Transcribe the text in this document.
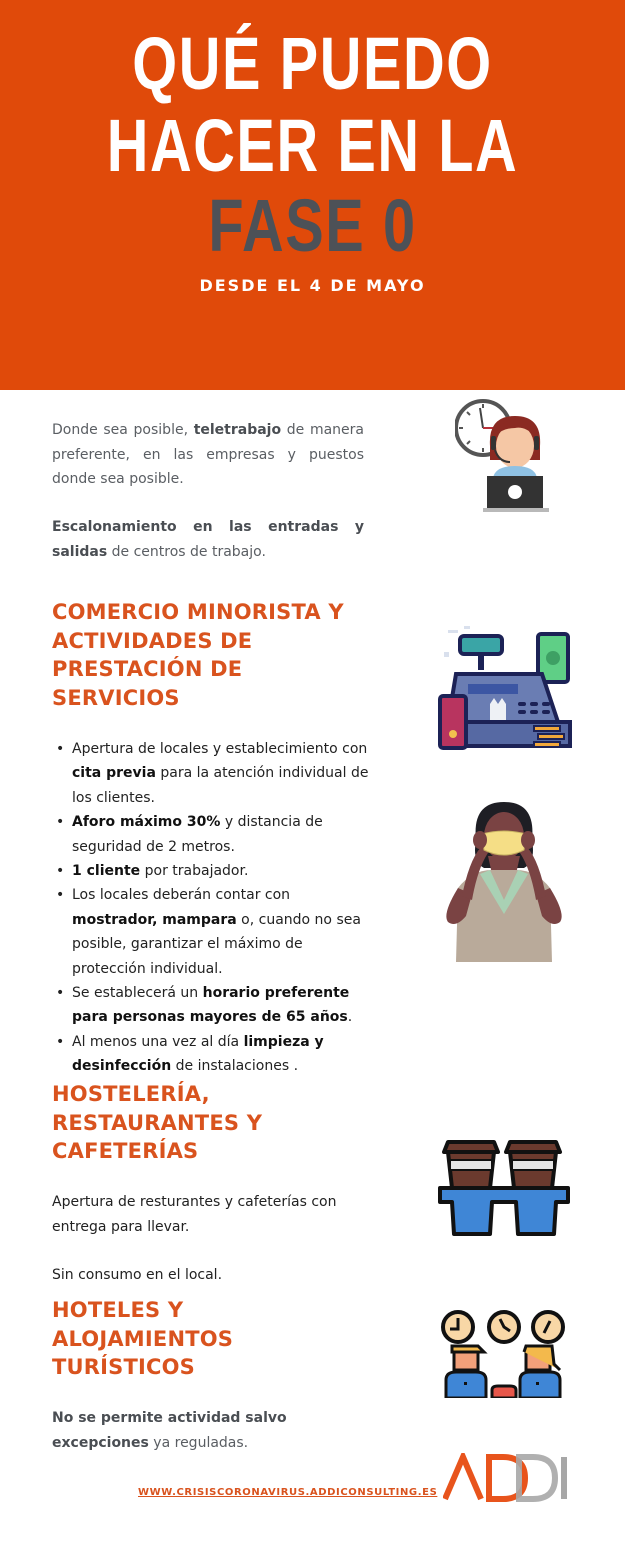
QUÉ PUEDO
HACER EN LA
FASE 0
DESDE EL 4 DE MAYO

Donde sea posible, teletrabajo de manera preferente, en las empresas y puestos donde sea posible.

Escalonamiento en las entradas y salidas de centros de trabajo.

COMERCIO MINORISTA Y
ACTIVIDADES DE
PRESTACIÓN DE
SERVICIOS
• Apertura de locales y establecimiento con cita previa para la atención individual de los clientes.
• Aforo máximo 30% y distancia de seguridad de 2 metros.
• 1 cliente por trabajador.
• Los locales deberán contar con mostrador, mampara o, cuando no sea posible, garantizar el máximo de protección individual.
• Se establecerá un horario preferente para personas mayores de 65 años.
• Al menos una vez al día limpieza y desinfección de instalaciones .
HOSTELERÍA,
RESTAURANTES Y
CAFETERÍAS

Apertura de resturantes y cafeterías con entrega para llevar.

Sin consumo en el local.

HOTELES Y
ALOJAMIENTOS
TURÍSTICOS

No se permite actividad salvo excepciones ya reguladas.

WWW.CRISISCORONAVIRUS.ADDICONSULTING.ES
